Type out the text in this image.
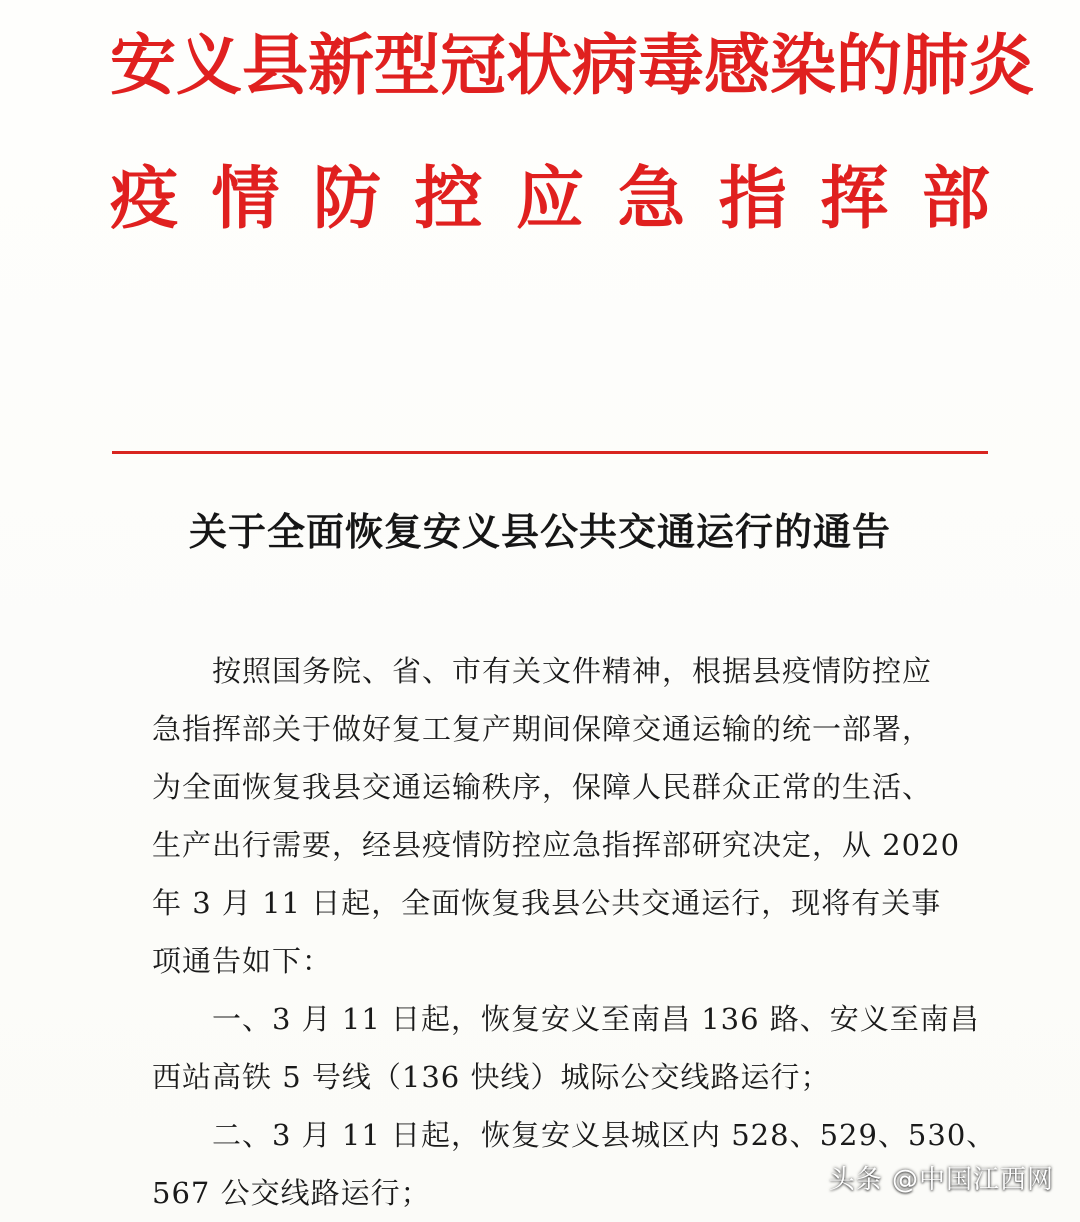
安 义 县 新 型 冠 状 病 毒 感 染 的 肺 炎
疫 情 防 控 应 急 指 挥 部
关于全面恢复安义县公共交通运行的通告
按照国务院、省、市有关文件精神，根据县疫情防控应
急指挥部关于做好复工复产期间保障交通运输的统一部署，
为全面恢复我县交通运输秩序，保障人民群众正常的生活、
生产出行需要，经县疫情防控应急指挥部研究决定，从 2020
年 3 月 11 日起，全面恢复我县公共交通运行，现将有关事
项通告如下：
一、3 月 11 日起，恢复安义至南昌 136 路、安义至南昌
西站高铁 5 号线（136 快线）城际公交线路运行；
二、3 月 11 日起，恢复安义县城区内 528、529、530、
567 公交线路运行；	头条 @中国江西网
